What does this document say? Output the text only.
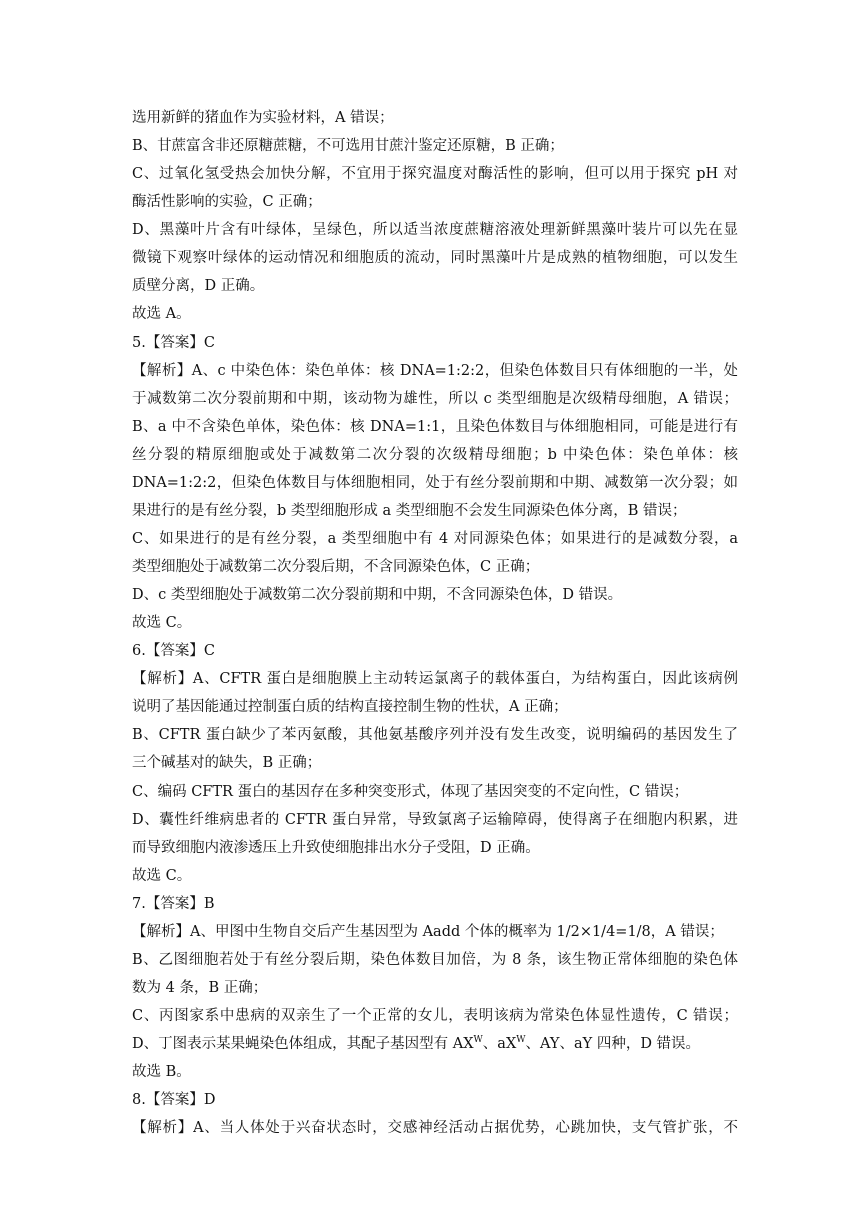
选用新鲜的猪血作为实验材料，A 错误；
B、甘蔗富含非还原糖蔗糖，不可选用甘蔗汁鉴定还原糖，B 正确；
C、过氧化氢受热会加快分解，不宜用于探究温度对酶活性的影响，但可以用于探究 pH 对
酶活性影响的实验，C 正确；
D、黑藻叶片含有叶绿体，呈绿色，所以适当浓度蔗糖溶液处理新鲜黑藻叶装片可以先在显
微镜下观察叶绿体的运动情况和细胞质的流动，同时黑藻叶片是成熟的植物细胞，可以发生
质壁分离，D 正确。
故选 A。
5.【答案】C
【解析】A、c 中染色体：染色单体：核 DNA=1:2:2，但染色体数目只有体细胞的一半，处
于减数第二次分裂前期和中期，该动物为雄性，所以 c 类型细胞是次级精母细胞，A 错误；
B、a 中不含染色单体，染色体：核 DNA=1:1，且染色体数目与体细胞相同，可能是进行有
丝分裂的精原细胞或处于减数第二次分裂的次级精母细胞；b 中染色体：染色单体：核
DNA=1:2:2，但染色体数目与体细胞相同，处于有丝分裂前期和中期、减数第一次分裂；如
果进行的是有丝分裂，b 类型细胞形成 a 类型细胞不会发生同源染色体分离，B 错误；
C、如果进行的是有丝分裂，a 类型细胞中有 4 对同源染色体；如果进行的是减数分裂，a
类型细胞处于减数第二次分裂后期，不含同源染色体，C 正确；
D、c 类型细胞处于减数第二次分裂前期和中期，不含同源染色体，D 错误。
故选 C。
6.【答案】C
【解析】A、CFTR 蛋白是细胞膜上主动转运氯离子的载体蛋白，为结构蛋白，因此该病例
说明了基因能通过控制蛋白质的结构直接控制生物的性状，A 正确；
B、CFTR 蛋白缺少了苯丙氨酸，其他氨基酸序列并没有发生改变，说明编码的基因发生了
三个碱基对的缺失，B 正确；
C、编码 CFTR 蛋白的基因存在多种突变形式，体现了基因突变的不定向性，C 错误；
D、囊性纤维病患者的 CFTR 蛋白异常，导致氯离子运输障碍，使得离子在细胞内积累，进
而导致细胞内液渗透压上升致使细胞排出水分子受阻，D 正确。
故选 C。
7.【答案】B
【解析】A、甲图中生物自交后产生基因型为 Aadd 个体的概率为 1/2×1/4=1/8，A 错误；
B、乙图细胞若处于有丝分裂后期，染色体数目加倍，为 8 条，该生物正常体细胞的染色体
数为 4 条，B 正确；
C、丙图家系中患病的双亲生了一个正常的女儿，表明该病为常染色体显性遗传，C 错误；
D、丁图表示某果蝇染色体组成，其配子基因型有 $AX^W$、$aX^W$、AY、aY 四种，D 错误。
故选 B。
8.【答案】D
【解析】A、当人体处于兴奋状态时，交感神经活动占据优势，心跳加快，支气管扩张，不
